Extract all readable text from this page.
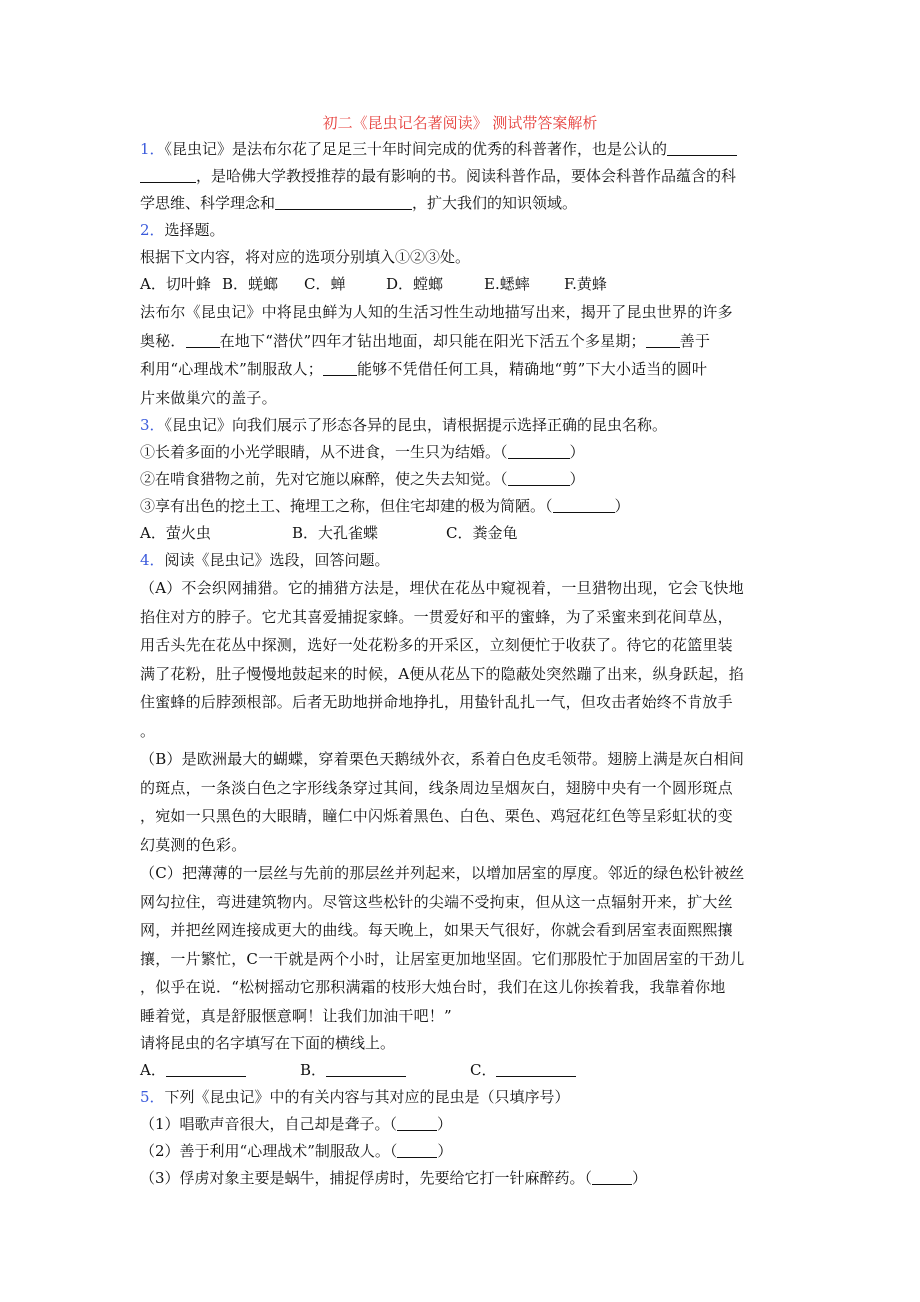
初二《昆虫记名著阅读》 测试带答案解析
1．《昆虫记》是法布尔花了足足三十年时间完成的优秀的科普著作，也是公认的
，是哈佛大学教授推荐的最有影响的书。阅读科普作品，要体会科普作品蕴含的科
学思维、科学理念和	，扩大我们的知识领域。
2．选择题。
根据下文内容，将对应的选项分别填入①②③处。
A．切叶蜂 B．蜣螂 C．蝉	D．螳螂	E.蟋蟀 F.黄蜂
法布尔《昆虫记》中将昆虫鲜为人知的生活习性生动地描写出来，揭开了昆虫世界的许多
奥秘． 在地下“潜伏”四年才钻出地面，却只能在阳光下活五个多星期； 善于
利用“心理战术”制服敌人； 能够不凭借任何工具，精确地“剪”下大小适当的圆叶
片来做巢穴的盖子。
3．《昆虫记》向我们展示了形态各异的昆虫，请根据提示选择正确的昆虫名称。
①长着多面的小光学眼睛，从不进食，一生只为结婚。（	）
②在啃食猎物之前，先对它施以麻醉，使之失去知觉。（	）
③享有出色的挖土工、掩埋工之称，但住宅却建的极为简陋。（	）
A．萤火虫	B．大孔雀蝶	C．粪金龟
4．阅读《昆虫记》选段，回答问题。
（A）不会织网捕猎。它的捕猎方法是，埋伏在花丛中窥视着，一旦猎物出现，它会飞快地
掐住对方的脖子。它尤其喜爱捕捉家蜂。一贯爱好和平的蜜蜂，为了采蜜来到花间草丛，
用舌头先在花丛中探测，选好一处花粉多的开采区，立刻便忙于收获了。待它的花篮里装
满了花粉，肚子慢慢地鼓起来的时候，A便从花丛下的隐蔽处突然蹦了出来，纵身跃起，掐
住蜜蜂的后脖颈根部。后者无助地拼命地挣扎，用蛰针乱扎一气，但攻击者始终不肯放手
。
（B）是欧洲最大的蝴蝶，穿着栗色天鹅绒外衣，系着白色皮毛领带。翅膀上满是灰白相间
的斑点，一条淡白色之字形线条穿过其间，线条周边呈烟灰白，翅膀中央有一个圆形斑点
，宛如一只黑色的大眼睛，瞳仁中闪烁着黑色、白色、栗色、鸡冠花红色等呈彩虹状的变
幻莫测的色彩。
（C）把薄薄的一层丝与先前的那层丝并列起来，以增加居室的厚度。邻近的绿色松针被丝
网勾拉住，弯进建筑物内。尽管这些松针的尖端不受拘束，但从这一点辐射开来，扩大丝
网，并把丝网连接成更大的曲线。每天晚上，如果天气很好，你就会看到居室表面熙熙攘
攘，一片繁忙，C一干就是两个小时，让居室更加地坚固。它们那股忙于加固居室的干劲儿
，似乎在说．“松树摇动它那积满霜的枝形大烛台时，我们在这儿你挨着我，我靠着你地
睡着觉，真是舒服惬意啊！让我们加油干吧！”
请将昆虫的名字填写在下面的横线上。
A．	B．	C．
5．下列《昆虫记》中的有关内容与其对应的昆虫是（只填序号）
（1）唱歌声音很大，自己却是聋子。（	）
（2）善于利用“心理战术”制服敌人。（	）
（3）俘虏对象主要是蜗牛，捕捉俘虏时，先要给它打一针麻醉药。（	）
